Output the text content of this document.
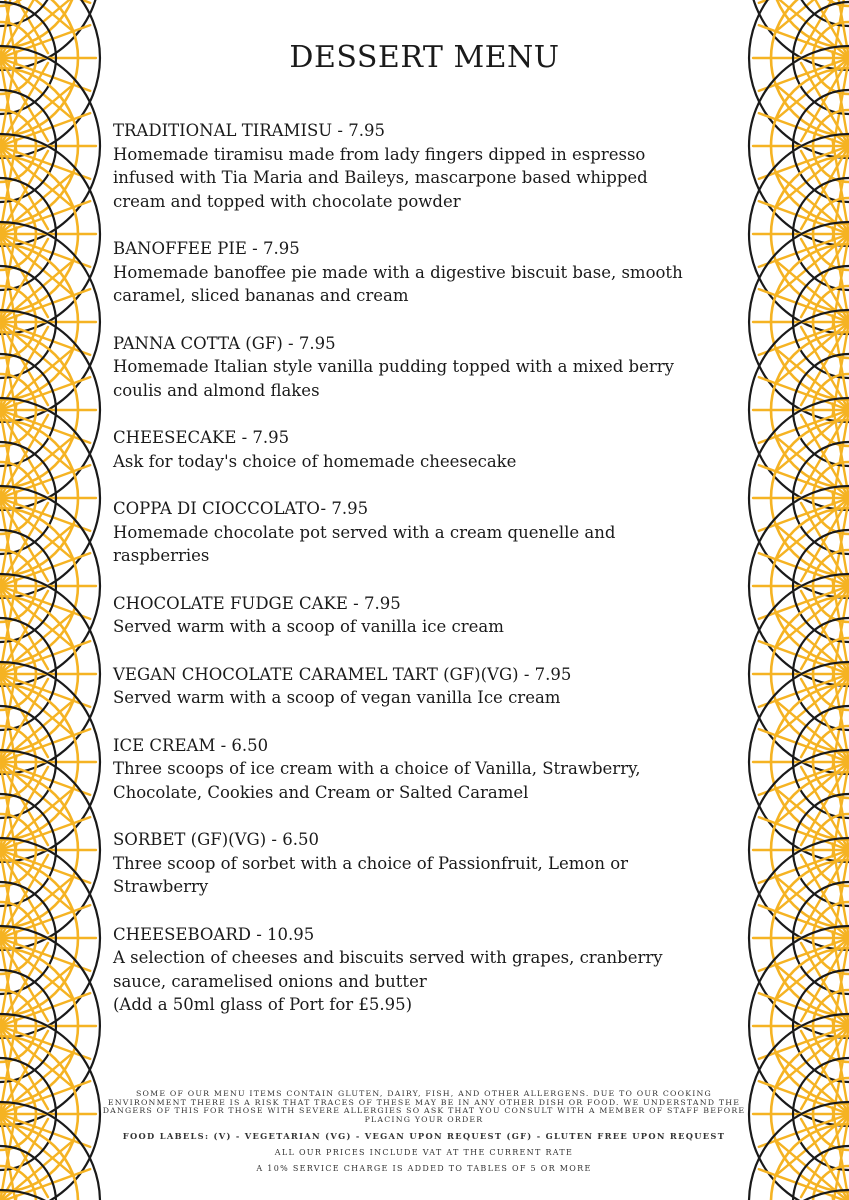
DESSERT MENU
TRADITIONAL TIRAMISU - 7.95
Homemade tiramisu made from lady fingers dipped in espresso
infused with Tia Maria and Baileys, mascarpone based whipped
cream and topped with chocolate powder
BANOFFEE PIE - 7.95
Homemade banoffee pie made with a digestive biscuit base, smooth
caramel, sliced bananas and cream
PANNA COTTA (GF) - 7.95
Homemade Italian style vanilla pudding topped with a mixed berry
coulis and almond flakes
CHEESECAKE - 7.95
Ask for today's choice of homemade cheesecake
COPPA DI CIOCCOLATO- 7.95
Homemade chocolate pot served with a cream quenelle and
raspberries
CHOCOLATE FUDGE CAKE - 7.95
Served warm with a scoop of vanilla ice cream
VEGAN CHOCOLATE CARAMEL TART (GF)(VG) - 7.95
Served warm with a scoop of vegan vanilla Ice cream
ICE CREAM - 6.50
Three scoops of ice cream with a choice of Vanilla, Strawberry,
Chocolate, Cookies and Cream or Salted Caramel
SORBET (GF)(VG) - 6.50
Three scoop of sorbet with a choice of Passionfruit, Lemon or
Strawberry
CHEESEBOARD - 10.95
A selection of cheeses and biscuits served with grapes, cranberry
sauce, caramelised onions and butter
(Add a 50ml glass of Port for £5.95)
SOME OF OUR MENU ITEMS CONTAIN GLUTEN, DAIRY, FISH, AND OTHER ALLERGENS. DUE TO OUR COOKING ENVIRONMENT THERE IS A RISK THAT TRACES OF THESE MAY BE IN ANY OTHER DISH OR FOOD. WE UNDERSTAND THE DANGERS OF THIS FOR THOSE WITH SEVERE ALLERGIES SO ASK THAT YOU CONSULT WITH A MEMBER OF STAFF BEFORE PLACING YOUR ORDER
FOOD LABELS: (V) - VEGETARIAN (VG) - VEGAN UPON REQUEST (GF) - GLUTEN FREE UPON REQUEST
ALL OUR PRICES INCLUDE VAT AT THE CURRENT RATE
A 10% SERVICE CHARGE IS ADDED TO TABLES OF 5 OR MORE
